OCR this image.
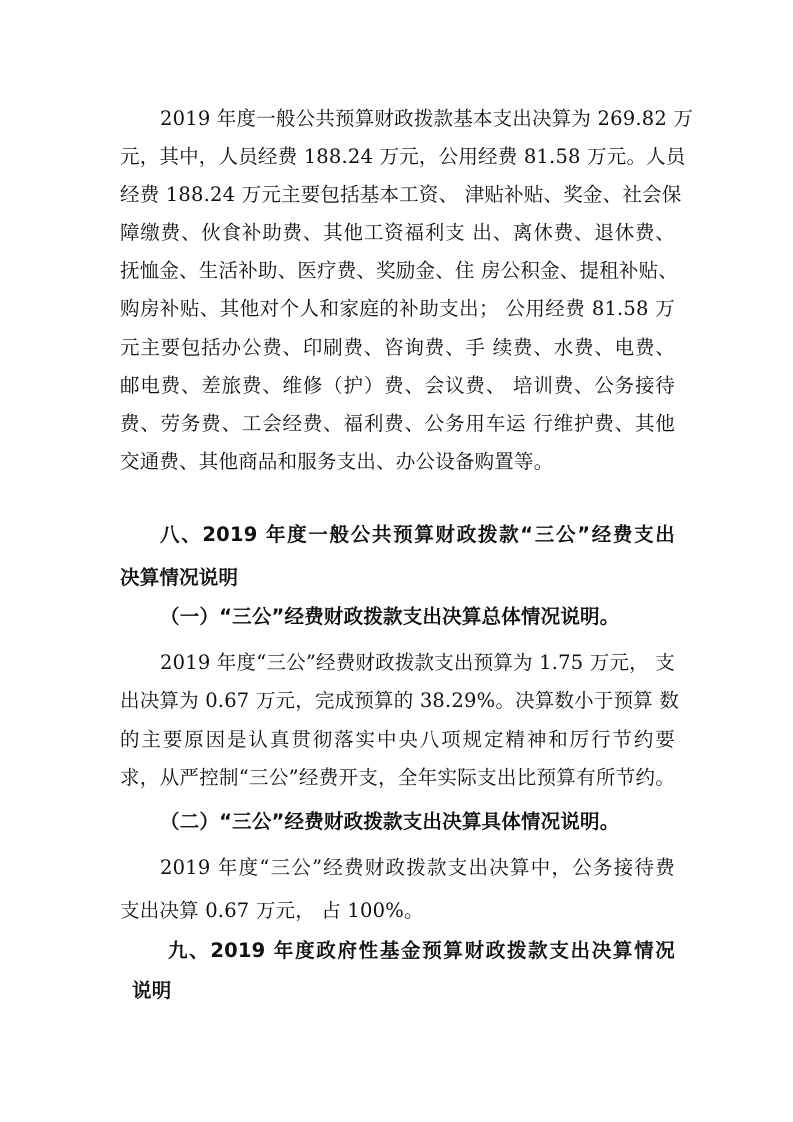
2019 年度一般公共预算财政拨款基本支出决算为 269.82 万
元，其中，人员经费 188.24 万元，公用经费 81.58 万元。人员
经费 188.24 万元主要包括基本工资、 津贴补贴、奖金、社会保
障缴费、伙食补助费、其他工资福利支 出、离休费、退休费、
抚恤金、生活补助、医疗费、奖励金、住 房公积金、提租补贴、
购房补贴、其他对个人和家庭的补助支出； 公用经费 81.58 万
元主要包括办公费、印刷费、咨询费、手 续费、水费、电费、
邮电费、差旅费、维修（护）费、会议费、 培训费、公务接待
费、劳务费、工会经费、福利费、公务用车运 行维护费、其他
交通费、其他商品和服务支出、办公设备购置等。
八、2019 年度一般公共预算财政拨款“三公”经费支出
决算情况说明
（一）“三公”经费财政拨款支出决算总体情况说明。
2019 年度“三公”经费财政拨款支出预算为 1.75 万元， 支
出决算为 0.67 万元，完成预算的 38.29%。决算数小于预算 数
的主要原因是认真贯彻落实中央八项规定精神和厉行节约要
求，从严控制“三公”经费开支，全年实际支出比预算有所节约。
（二）“三公”经费财政拨款支出决算具体情况说明。
2019 年度“三公”经费财政拨款支出决算中，公务接待费
支出决算 0.67 万元， 占 100%。
九、2019 年度政府性基金预算财政拨款支出决算情况
说明
